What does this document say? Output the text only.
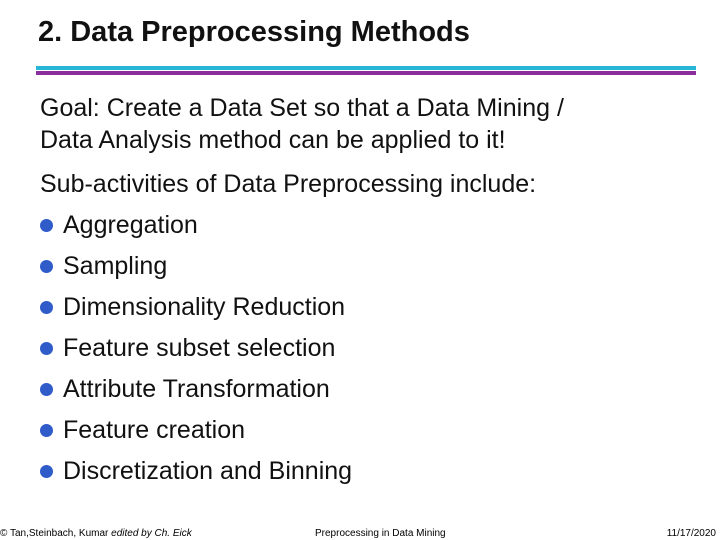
2. Data Preprocessing Methods

Goal: Create a Data Set so that a Data Mining /
Data Analysis method can be applied to it!

Sub-activities of Data Preprocessing include:

Aggregation
Sampling
Dimensionality Reduction
Feature subset selection
Attribute Transformation
Feature creation
Discretization and Binning
© Tan,Steinbach, Kumar edited by Ch. Eick	Preprocessing in Data Mining	11/17/2020
